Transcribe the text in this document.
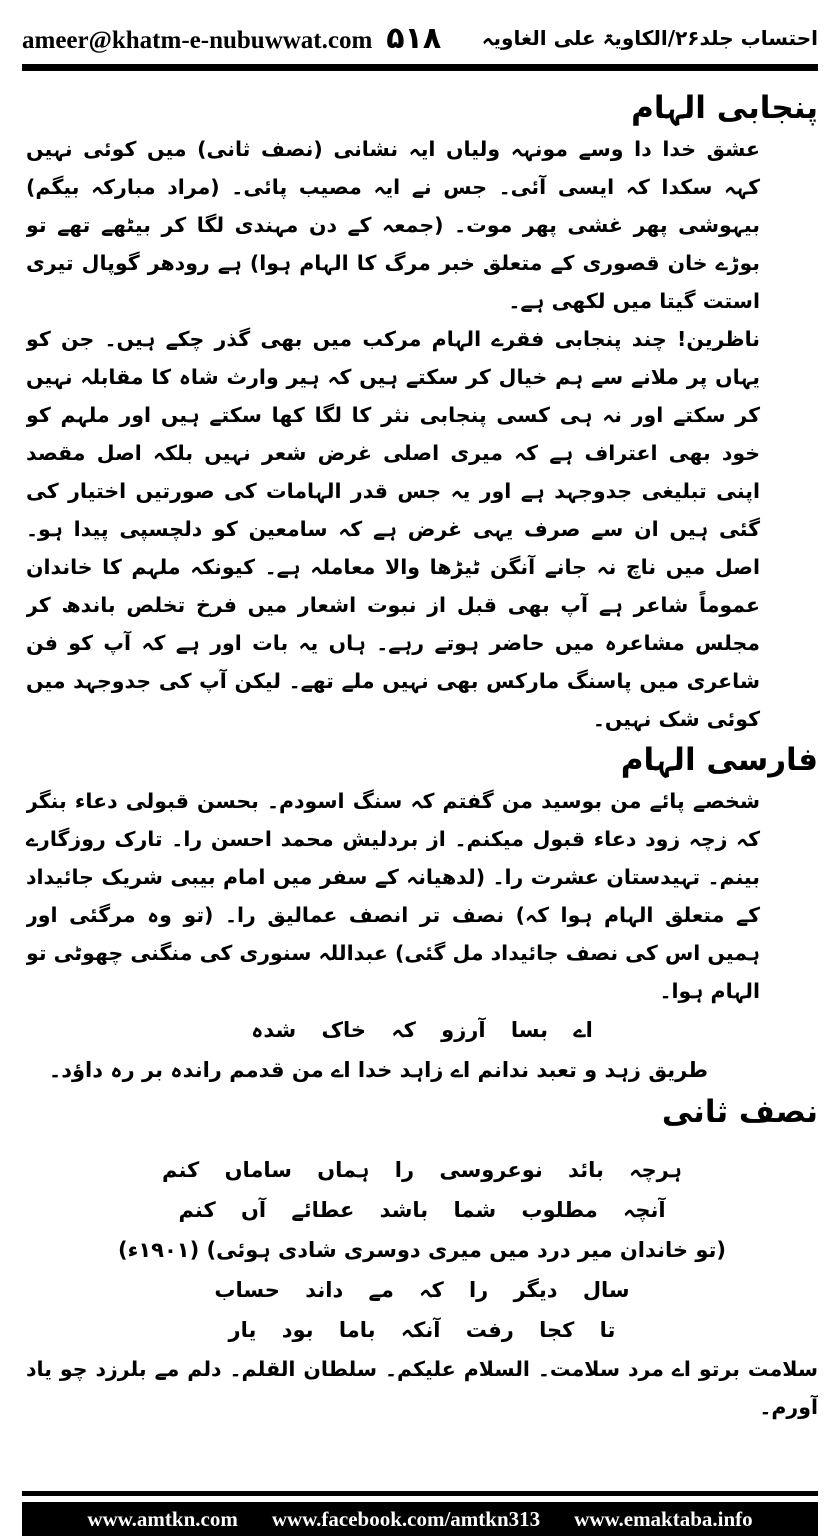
ameer@khatm-e-nubuwwat.com ۵۱۸ احتساب جلد۲۶/الکاویۃ علی الغاویہ
پنجابی الہام

عشق خدا دا وسے مونہہ ولیاں ایہ نشانی (نصف ثانی) میں کوئی نہیں کہہ سکدا کہ ایسی آئی۔ جس نے ایہ مصیب پائی۔ (مراد مبارکہ بیگم) بیہوشی پھر غشی پھر موت۔ (جمعہ کے دن مہندی لگا کر بیٹھے تھے تو بوڑے خان قصوری کے متعلق خبر مرگ کا الہام ہوا) ہے رودھر گوپال تیری استت گیتا میں لکھی ہے۔

ناظرین! چند پنجابی فقرے الہام مرکب میں بھی گذر چکے ہیں۔ جن کو یہاں پر ملانے سے ہم خیال کر سکتے ہیں کہ ہیر وارث شاہ کا مقابلہ نہیں کر سکتے اور نہ ہی کسی پنجابی نثر کا لگا کھا سکتے ہیں اور ملہم کو خود بھی اعتراف ہے کہ میری اصلی غرض شعر نہیں بلکہ اصل مقصد اپنی تبلیغی جدوجہد ہے اور یہ جس قدر الہامات کی صورتیں اختیار کی گئی ہیں ان سے صرف یہی غرض ہے کہ سامعین کو دلچسپی پیدا ہو۔ اصل میں ناچ نہ جانے آنگن ٹیڑھا والا معاملہ ہے۔ کیونکہ ملہم کا خاندان عموماً شاعر ہے آپ بھی قبل از نبوت اشعار میں فرخ تخلص باندھ کر مجلس مشاعرہ میں حاضر ہوتے رہے۔ ہاں یہ بات اور ہے کہ آپ کو فن شاعری میں پاسنگ مارکس بھی نہیں ملے تھے۔ لیکن آپ کی جدوجہد میں کوئی شک نہیں۔

فارسی الہام

شخصے پائے من بوسید من گفتم کہ سنگ اسودم۔ بحسن قبولی دعاء بنگر کہ زچہ زود دعاء قبول میکنم۔ از بردلیش محمد احسن را۔ تارک روزگارے بینم۔ تہیدستان عشرت را۔ (لدھیانہ کے سفر میں امام بیبی شریک جائیداد کے متعلق الہام ہوا کہ) نصف تر انصف عمالیق را۔ (تو وہ مرگئی اور ہمیں اس کی نصف جائیداد مل گئی) عبداللہ سنوری کی منگنی چھوٹی تو الہام ہوا۔

اے بسا آرزو کہ خاک شدہ

طریق زہد و تعبد ندانم اے زاہد خدا اے من قدمم راندہ بر رہ داؤد۔

نصف ثانی

ہرچہ بائد نوعروسی را ہماں ساماں کنم

آنچہ مطلوب شما باشد عطائے آں کنم

(تو خاندان میر درد میں میری دوسری شادی ہوئی) (۱۹۰۱ء)

سال دیگر را کہ مے داند حساب

تا کجا رفت آنکہ باما بود یار

سلامت برتو اے مرد سلامت۔ السلام علیکم۔ سلطان القلم۔ دلم مے بلرزد چو یاد آورم۔

www.amtkn.com www.facebook.com/amtkn313 www.emaktaba.info
